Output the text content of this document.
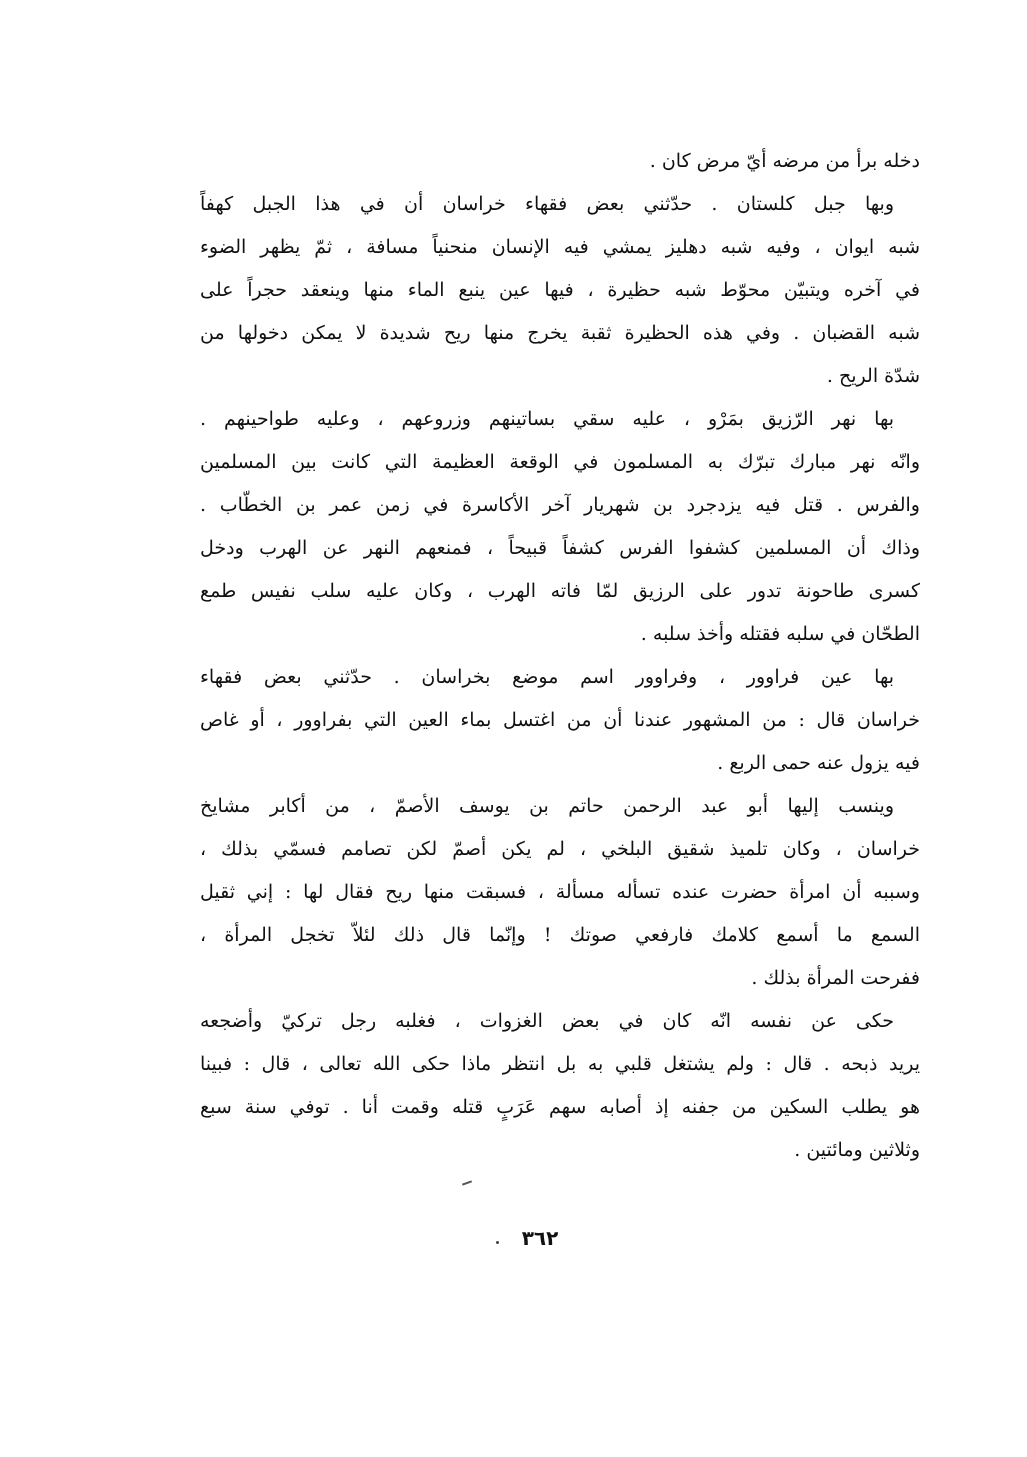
دخله برأ من مرضه أيّ مرض كان .
وبها جبل كلستان . حدّثني بعض فقهاء خراسان أن في هذا الجبل كهفاً
شبه ايوان ، وفيه شبه دهليز يمشي فيه الإنسان منحنياً مسافة ، ثمّ يظهر الضوء
في آخره ويتبيّن محوّط شبه حظيرة ، فيها عين ينبع الماء منها وينعقد حجراً على
شبه القضبان . وفي هذه الحظيرة ثقبة يخرج منها ريح شديدة لا يمكن دخولها من
شدّة الريح .
بها نهر الرّزيق بمَرْو ، عليه سقي بساتينهم وزروعهم ، وعليه طواحينهم .
وانّه نهر مبارك تبرّك به المسلمون في الوقعة العظيمة التي كانت بين المسلمين
والفرس . قتل فيه يزدجرد بن شهريار آخر الأكاسرة في زمن عمر بن الخطّاب .
وذاك أن المسلمين كشفوا الفرس كشفاً قبيحاً ، فمنعهم النهر عن الهرب ودخل
كسرى طاحونة تدور على الرزيق لمّا فاته الهرب ، وكان عليه سلب نفيس طمع
الطحّان في سلبه فقتله وأخذ سلبه .
بها عين فراوور ، وفراوور اسم موضع بخراسان . حدّثني بعض فقهاء
خراسان قال : من المشهور عندنا أن من اغتسل بماء العين التي بفراوور ، أو غاص
فيه يزول عنه حمى الربع .
وينسب إليها أبو عبد الرحمن حاتم بن يوسف الأصمّ ، من أكابر مشايخ
خراسان ، وكان تلميذ شقيق البلخي ، لم يكن أصمّ لكن تصامم فسمّي بذلك ،
وسببه أن امرأة حضرت عنده تسأله مسألة ، فسبقت منها ريح فقال لها : إني ثقيل
السمع ما أسمع كلامك فارفعي صوتك ! وإنّما قال ذلك لئلاّ تخجل المرأة ،
ففرحت المرأة بذلك .
حكى عن نفسه انّه كان في بعض الغزوات ، فغلبه رجل تركيّ وأضجعه
يريد ذبحه . قال : ولم يشتغل قلبي به بل انتظر ماذا حكى الله تعالى ، قال : فبينا
هو يطلب السكين من جفنه إذ أصابه سهم عَرَبٍ قتله وقمت أنا . توفي سنة سبع
وثلاثين ومائتين .
٣٦٢
